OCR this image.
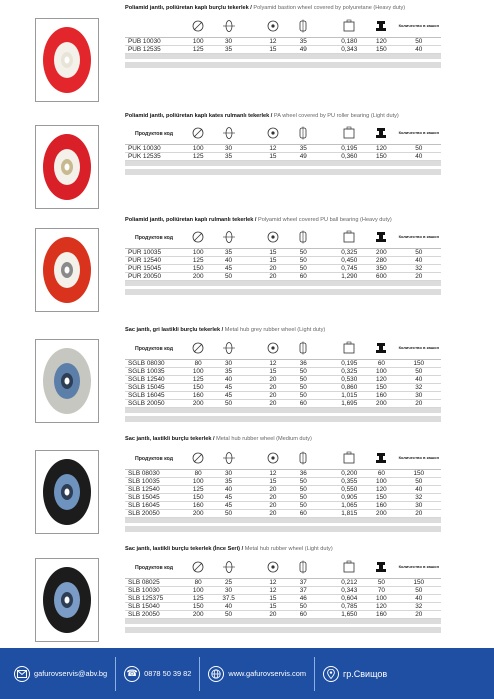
Poliamid jantlı, poliüretan kaplı burçlu tekerlek / Polyamid bastion wheel covered by polyuretane (Heavy duty)
									Количество в кашон
PUB 10030	100	30		12	35		0,180	120	50
PUB 12535	125	35		15	49		0,343	150	40

Poliamid jantlı, poliüretan kaplı kates rulmanlı tekerlek / PA wheel covered by PU roller bearing (Light duty)
Продуктов код									Количество в кашон
PUK 10030	100	30		12	35		0,195	120	50
PUK 12535	125	35		15	49		0,360	150	40

Poliamid jantlı, poliüretan kaplı rulmanlı tekerlek / Polyamid wheel covered PU ball bearing (Heavy duty)
Продуктов код									Количество в кашон
PUR 10035	100	35		15	50		0,325	200	50
PUR 12540	125	40		15	50		0,450	280	40
PUR 15045	150	45		20	50		0,745	350	32
PUR 20050	200	50		20	60		1,290	600	20

Sac jantlı, gri lastikli burçlu tekerlek / Metal hub grey rubber wheel (Light duty)
Продуктов код									Количество в кашон
SGLB 08030	80	30		12	36		0,195	60	150
SGLB 10035	100	35		15	50		0,325	100	50
SGLB 12540	125	40		20	50		0,530	120	40
SGLB 15045	150	45		20	50		0,860	150	32
SGLB 16045	160	45		20	50		1,015	160	30
SGLB 20050	200	50		20	60		1,695	200	20

Sac jantlı, lastikli burçlu tekerlek / Metal hub rubber wheel (Medium duty)
Продуктов код									Количество в кашон
SLB 08030	80	30		12	36		0,200	60	150
SLB 10035	100	35		15	50		0,355	100	50
SLB 12540	125	40		20	50		0,550	120	40
SLB 15045	150	45		20	50		0,905	150	32
SLB 16045	160	45		20	50		1,065	160	30
SLB 20050	200	50		20	60		1,815	200	20

Sac jantlı, lastikli burçlu tekerlek (İnce Seri) / Metal hub rubber wheel (Light duty)
Продуктов код									Количество в кашон
SLB 08025	80	25		12	37		0,212	50	150
SLB 10030	100	30		12	37		0,343	70	50
SLB 125375	125	37.5		15	46		0,604	100	40
SLB 15040	150	40		15	50		0,785	120	32
SLB 20050	200	50		20	60		1,650	160	20

gafurovservis@abv.bg ☎ 0878 50 39 82	www.gafurovservis.com	гр.Свищов
